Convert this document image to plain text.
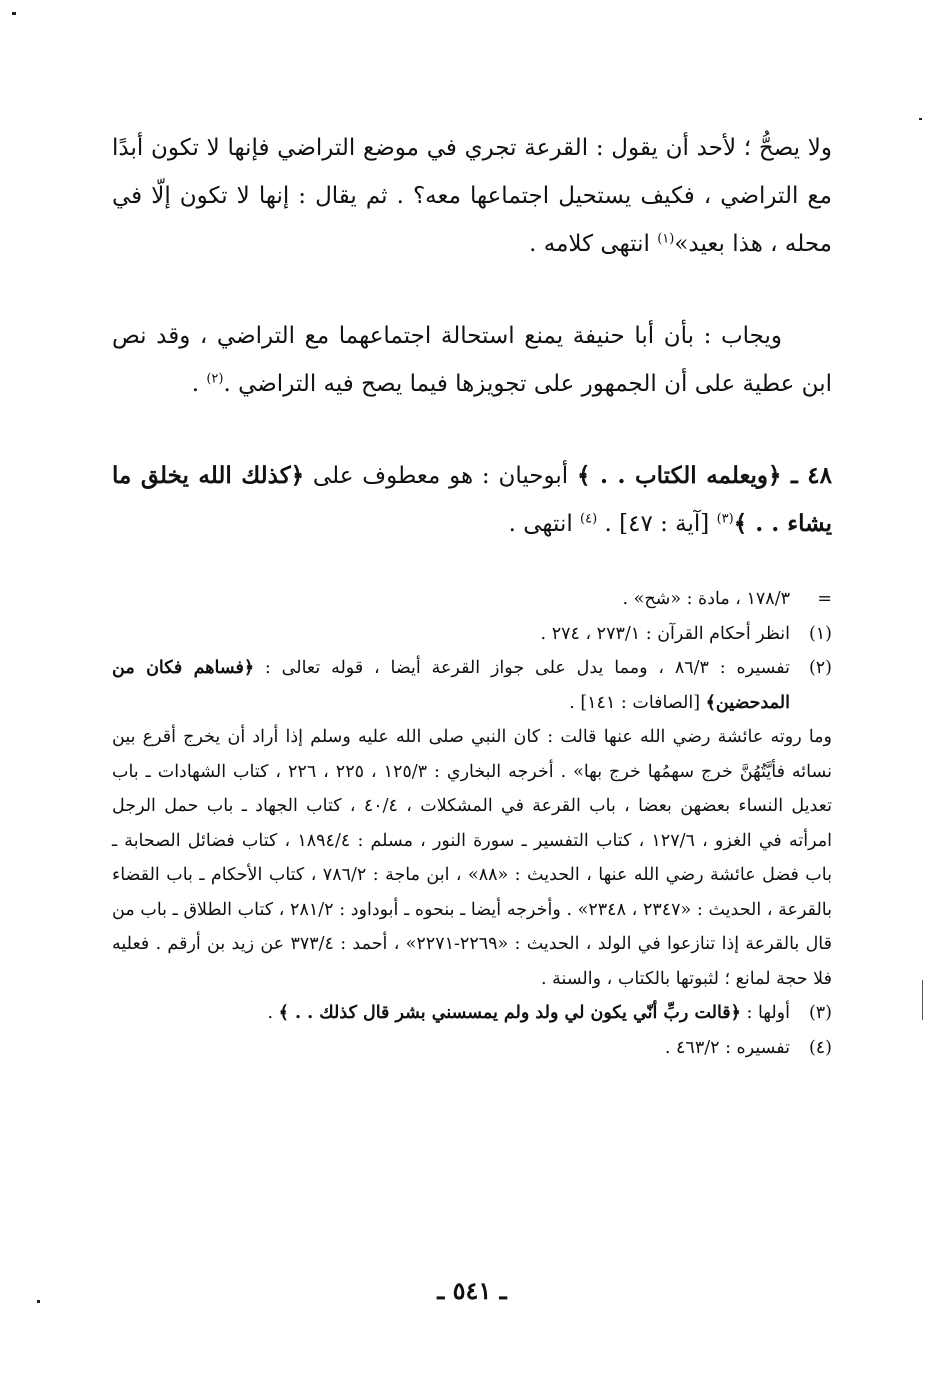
ولا يصحُّ ؛ لأحد أن يقول : القرعة تجري في موضع التراضي فإنها لا تكون أبدًا مع التراضي ، فكيف يستحيل اجتماعها معه؟ . ثم يقال : إنها لا تكون إلّا في محله ، هذا بعيد»$^{(١)}$ انتهى كلامه .
ويجاب : بأن أبا حنيفة يمنع استحالة اجتماعهما مع التراضي ، وقد نص ابن عطية على أن الجمهور على تجويزها فيما يصح فيه التراضي .$^{(٢)}$ .
٤٨ ـ ﴿ويعلمه الكتاب . . ﴾ أبوحيان : هو معطوف على ﴿كذلك الله يخلق ما يشاء . . ﴾$^{(٣)}$ [آية : ٤٧] . $^{(٤)}$ انتهى .
=
١٧٨/٣ ، مادة : «شح» .
(١)
انظر أحكام القرآن : ٢٧٣/١ ، ٢٧٤ .
(٢)
تفسيره : ٨٦/٣ ، ومما يدل على جواز القرعة أيضا ، قوله تعالى : ﴿فساهم فكان من المدحضين﴾ [الصافات : ١٤١] .
وما روته عائشة رضي الله عنها قالت : كان النبي صلى الله عليه وسلم إذا أراد أن يخرج أقرع بين نسائه فأيَّتُهُنَّ خرج سهمُها خرج بها» . أخرجه البخاري : ١٢٥/٣ ، ٢٢٥ ، ٢٢٦ ، كتاب الشهادات ـ باب تعديل النساء بعضهن بعضا ، باب القرعة في المشكلات ، ٤٠/٤ ، كتاب الجهاد ـ باب حمل الرجل امرأته في الغزو ، ١٢٧/٦ ، كتاب التفسير ـ سورة النور ، مسلم : ١٨٩٤/٤ ، كتاب فضائل الصحابة ـ باب فضل عائشة رضي الله عنها ، الحديث : «٨٨» ، ابن ماجة : ٧٨٦/٢ ، كتاب الأحكام ـ باب القضاء بالقرعة ، الحديث : «٢٣٤٧ ، ٢٣٤٨» . وأخرجه أيضا ـ بنحوه ـ أبوداود : ٢٨١/٢ ، كتاب الطلاق ـ باب من قال بالقرعة إذا تنازعوا في الولد ، الحديث : «٢٢٦٩-٢٢٧١» ، أحمد : ٣٧٣/٤ عن زيد بن أرقم . فعليه فلا حجة لمانع ؛ لثبوتها بالكتاب ، والسنة .
(٣)
أولها : ﴿قالت ربِّ أنّي يكون لي ولد ولم يمسسني بشر قال كذلك . . ﴾ .
(٤)
تفسيره : ٤٦٣/٢ .
ـ ٥٤١ ـ
